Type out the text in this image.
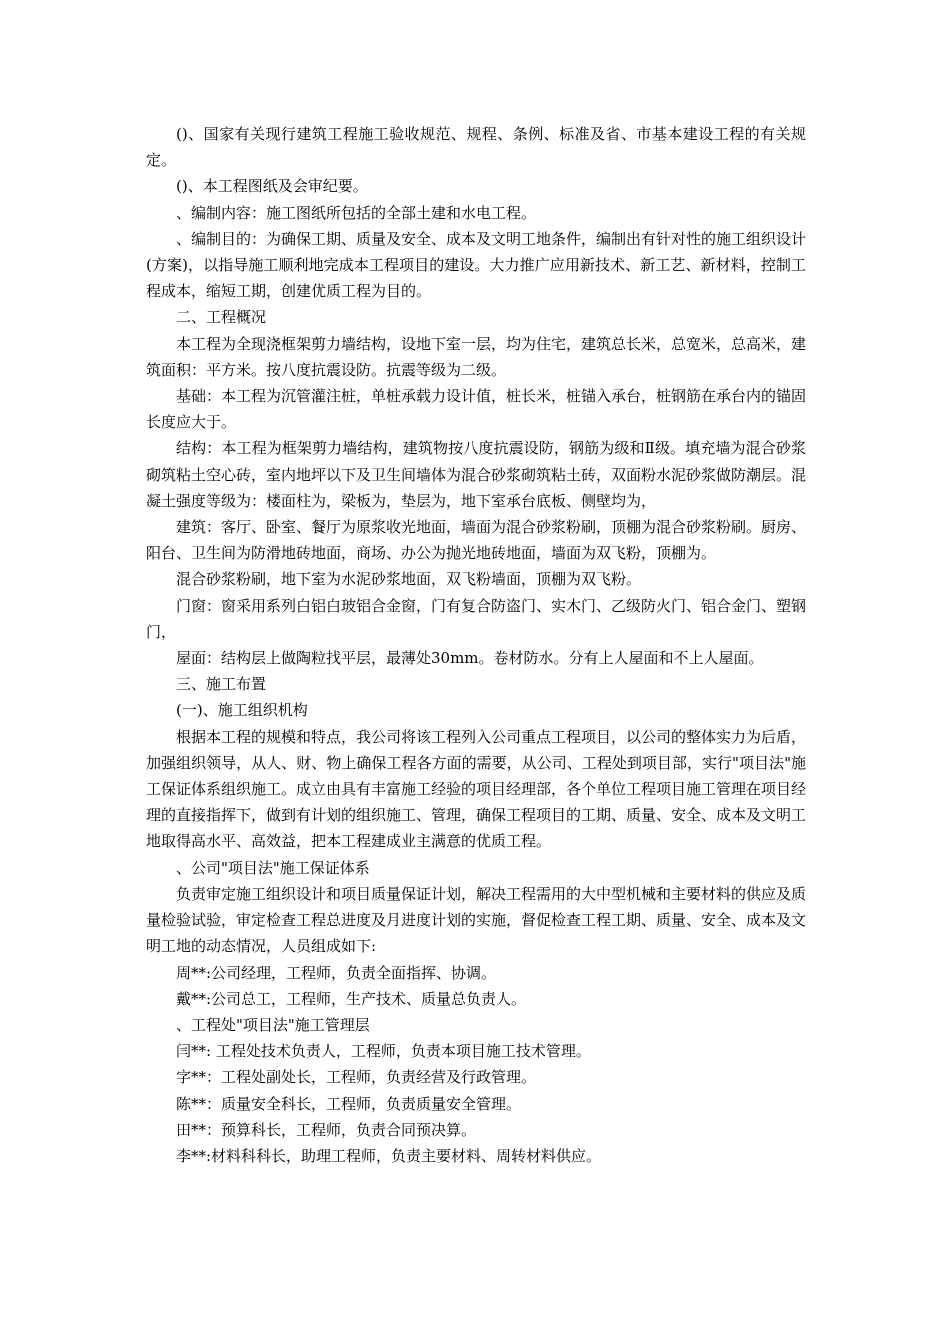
()、国家有关现行建筑工程施工验收规范、规程、条例、标准及省、市基本建设工程的有关规定。

()、本工程图纸及会审纪要。

、编制内容：施工图纸所包括的全部土建和水电工程。

、编制目的：为确保工期、质量及安全、成本及文明工地条件，编制出有针对性的施工组织设计(方案)，以指导施工顺利地完成本工程项目的建设。大力推广应用新技术、新工艺、新材料，控制工程成本，缩短工期，创建优质工程为目的。

二、工程概况

本工程为全现浇框架剪力墙结构，设地下室一层，均为住宅，建筑总长米，总宽米，总高米，建筑面积：平方米。按八度抗震设防。抗震等级为二级。

基础：本工程为沉管灌注桩，单桩承载力设计值，桩长米，桩锚入承台，桩钢筋在承台内的锚固长度应大于。

结构：本工程为框架剪力墙结构，建筑物按八度抗震设防，钢筋为级和Ⅱ级。填充墙为混合砂浆砌筑粘土空心砖，室内地坪以下及卫生间墙体为混合砂浆砌筑粘土砖，双面粉水泥砂浆做防潮层。混凝土强度等级为：楼面柱为，梁板为，垫层为，地下室承台底板、侧壁均为，

建筑：客厅、卧室、餐厅为原浆收光地面，墙面为混合砂浆粉刷，顶棚为混合砂浆粉刷。厨房、阳台、卫生间为防滑地砖地面，商场、办公为抛光地砖地面，墙面为双飞粉，顶棚为。

混合砂浆粉刷，地下室为水泥砂浆地面，双飞粉墙面，顶棚为双飞粉。

门窗：窗采用系列白铝白玻铝合金窗，门有复合防盗门、实木门、乙级防火门、铝合金门、塑钢门，

屋面：结构层上做陶粒找平层，最薄处30mm。卷材防水。分有上人屋面和不上人屋面。

三、施工布置

(一)、施工组织机构

根据本工程的规模和特点，我公司将该工程列入公司重点工程项目，以公司的整体实力为后盾，加强组织领导，从人、财、物上确保工程各方面的需要，从公司、工程处到项目部，实行"项目法"施工保证体系组织施工。成立由具有丰富施工经验的项目经理部，各个单位工程项目施工管理在项目经理的直接指挥下，做到有计划的组织施工、管理，确保工程项目的工期、质量、安全、成本及文明工地取得高水平、高效益，把本工程建成业主满意的优质工程。

、公司"项目法"施工保证体系

负责审定施工组织设计和项目质量保证计划，解决工程需用的大中型机械和主要材料的供应及质量检验试验，审定检查工程总进度及月进度计划的实施，督促检查工程工期、质量、安全、成本及文明工地的动态情况，人员组成如下:

周**:公司经理，工程师，负责全面指挥、协调。

戴**:公司总工，工程师，生产技术、质量总负责人。

、工程处"项目法"施工管理层

闫**: 工程处技术负责人，工程师，负责本项目施工技术管理。

字**：工程处副处长，工程师，负责经营及行政管理。

陈**：质量安全科长，工程师，负责质量安全管理。

田**：预算科长，工程师，负责合同预决算。

李**:材料科科长，助理工程师，负责主要材料、周转材料供应。
